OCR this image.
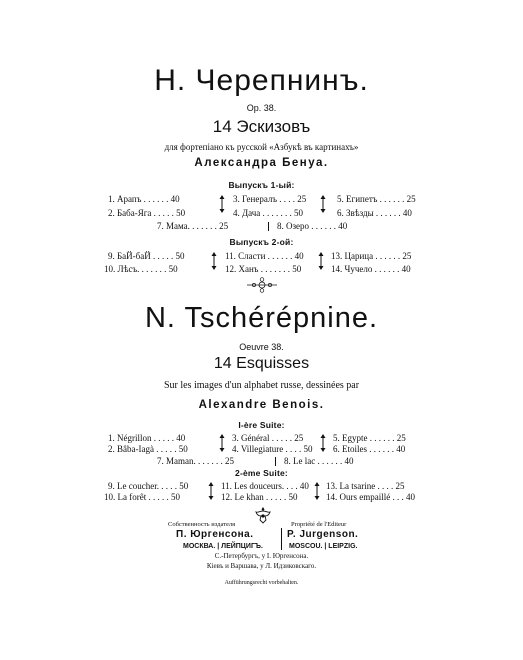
Н. Черепнинъ.
Ор. 38.
14 Эскизовъ
для фортепіано къ русской «Азбукѣ въ картинахъ»
Александра Бенуа.
Выпускъ 1-ый:
1. Арапъ . . . . . . 40	3. Генералъ . . . . 25	5. Египетъ . . . . . . 25
2. Баба-Яга . . . . . 50	4. Дача . . . . . . . 50	6. Звѣзды . . . . . . 40
7. Мама. . . . . . . 25	8. Озеро . . . . . . 40
Выпускъ 2-ой:
9. БаЙ-баЙ . . . . . 50	11. Сласти . . . . . . 40	13. Царица . . . . . . 25
10. Лѣсъ. . . . . . . 50	12. Ханъ . . . . . . . 50	14. Чучело . . . . . . 40
N. Tschérépnine.
Oeuvre 38.
14 Esquisses
Sur les images d'un alphabet russe, dessinées par
Alexandre Benois.
I-ère Suite:
1. Négrillon . . . . . 40	3. Général . . . . . 25	5. Egypte . . . . . . 25
2. Bâba-Iagà . . . . . 50	4. Villegiature . . . . 50 6. Etoiles . . . . . . 40
7. Maman. . . . . . . 25	8. Le lac . . . . . . 40
2-ème Suite:
9. Le coucher. . . . . 50	11. Les douceurs. . . . 40 13. La tsarine . . . . 25
10. La forêt . . . . . 50	12. Le khan . . . . . 50	14. Ours empaillé . . . 40
Собственность издателя	Propriété de l'Editeur
П. Юргенсона.	P. Jurgenson.
МОСКВА. | ЛЕЙПЦИГЪ.	MOSCOU. | LEIPZIG.
С.-Петербургъ, у І. Юргенсона.
Кіевъ и Варшава, у Л. Идзиковскаго.
Aufführungsrecht vorbehalten.
